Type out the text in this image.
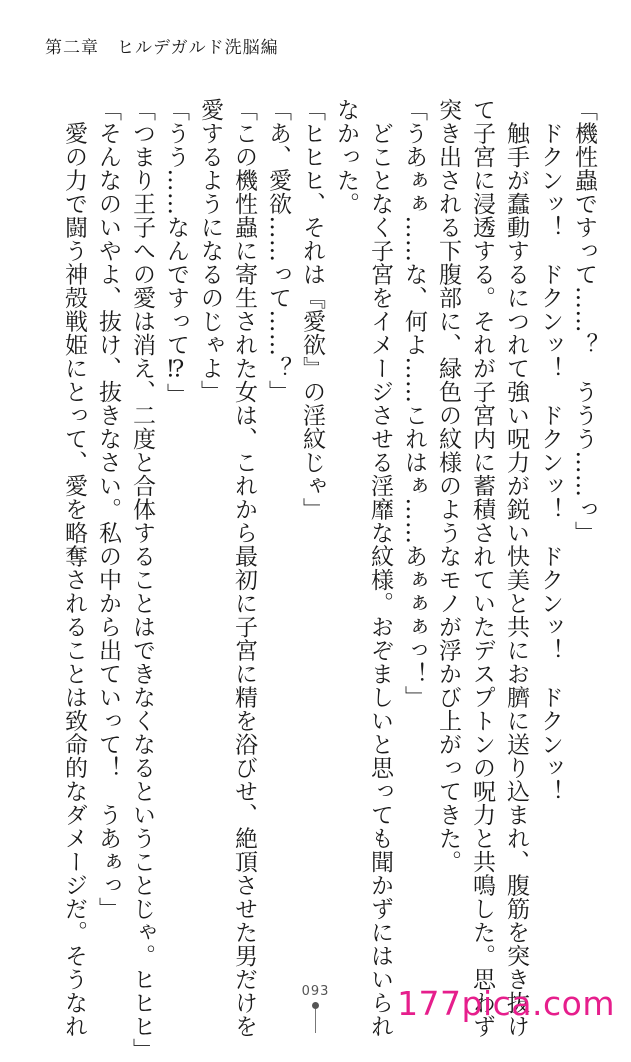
第二章 ヒルデガルド洗脳編
「機性蟲ですって……？　ううう……っ」
　ドクンッ！　ドクンッ！　ドクンッ！　ドクンッ！　ドクンッ！
　触手が蠢動するにつれて強い呪力が鋭い快美と共にお臍に送り込まれ、腹筋を突き抜け
て子宮に浸透する。それが子宮内に蓄積されていたデスプトンの呪力と共鳴した。思わず
突き出される下腹部に、緑色の紋様のようなモノが浮かび上がってきた。
「うあぁぁ……な、何よ……これはぁ……あぁぁぁっ！」
　どことなく子宮をイメージさせる淫靡な紋様。おぞましいと思っても聞かずにはいられ
なかった。
「ヒヒヒ、それは『愛欲』の淫紋じゃ」
「あ、愛欲……って……？」
「この機性蟲に寄生された女は、これから最初に子宮に精を浴びせ、絶頂させた男だけを
愛するようになるのじゃよ」
「うう……なんですって⁉」
「つまり王子への愛は消え、二度と合体することはできなくなるということじゃ。ヒヒヒ」
「そんなのいやよ、抜け、抜きなさい。私の中から出ていって！　うあぁっ」
　愛の力で闘う神殻戦姫にとって、愛を略奪されることは致命的なダメージだ。そうなれ	093	177pica.com
